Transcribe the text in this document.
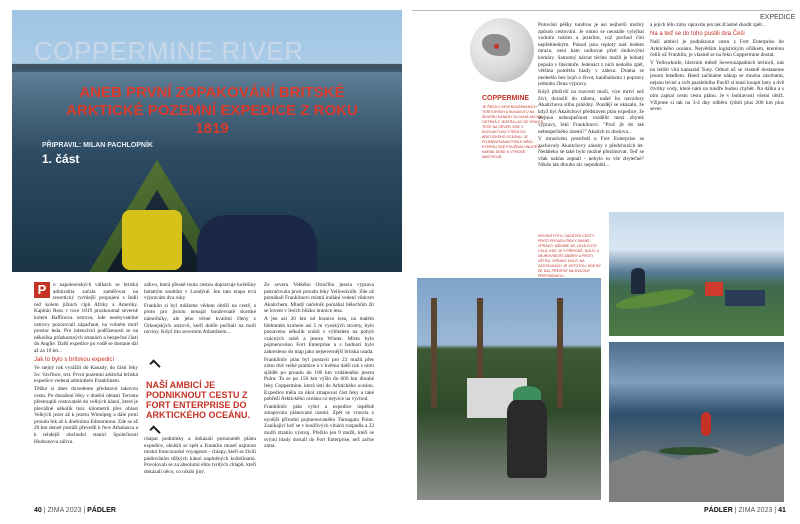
COPPERMINE RIVER
ANEB PRVNÍ ZOPAKOVÁNÍ BRITSKÉ ARKTICKÉ POZEMNÍ EXPEDICE Z ROKU 1819
PŘIPRAVIL: MILAN PACHLOPNÍK
1. část

P	o napoleonských válkách se britská admiralita začala zaměřovat na teoretický rychlejší propojení s Indií než kolem jižních cípů Afriky a Ameriky. Kapitán Ross v roce 1819 prozkoumal severně kolem Baffinova ostrova, kde neobyvatelné ostrovy pozorovali zápaďané, na volném moři prostor leda. Pro intenzivní podřízenosti se na několika průzkumných stranách a bezpečné části do Anglie. Další expedice po vodě se dostane dál až za 10 let...

Jak to bylo s britskou expedicí

Ve stejný rok vyrážili do Kanady, do části řeky Sv. Vavřince, trst. První pozemní arktická britská expedice vedená admirálem Franklinem.

Těžko si dnes dovedeme představit takovou cestu. Po dosažení řeky v dnešní oblasti Toronta přestoupili cestovatelé do velkých kánoí, které je převážně několik tisíc kilometrů přes oblast Velkých jezer až k jezeru Winnipeg a dále proti proudu řek až k dnešnímu Edmontonu. Zde se až 20 km denně portáží převedli k řece Athabasca a k tehdejší obchodní stanici Společnosti Hudsonova zálivu.

zálivu, která přesně touto cestou dopravuje kožešiny bohatým snobům v Londýně. Jen tato etapa trvá výpravám dva roky.

Franklin si byl můžeme vědom obtíží na cestě, a proto pro jistotu nenajal houževnaté skotské námořníky, ale jeho věrné kvalitní členy z Orknejských ostrovů, kteří dobře počítali na moři noviny. Když tito severním Atlantikem...

NAŠÍ AMBICÍ JE PODNIKNOUT CESTU Z FORT ENTERPRISE DO ARKTICKÉHO OCEÁNU.

chápat podmínky a dokázali porozumět plánu expedice, obrátili se zpět a Franklin musel najmout místní francouzské voyageurs - chlapy, kteří se živili pádlováním těžkých kánoí naplněných kožešinami. Povolovali se za absolutní elitu tvrdých chlapů, kteří dokázali něco, co nikdo jiný.

Ze severu Velkého Otročího jezera vyprava pokračovala proti proudu řeky Yellowknife. Zde už pomáhali Franklinovi místní indiáni vedení vůdcem Akaitchem. Mladý náčelník pomáhal bělochům žít se lovem v lesích blízko hranice lesa.

A jen asi 20 km od hranice lesa, na malém břehnném kruhem asi 5 m vysokých stromy, bylo postaveno několik srubů s výhledem na pohyb vzácných sobů a jezera Winter. Místo bylo pojmenováno Fort Enterprise a s hodnotí bylo zakresleno do map jako nejsevernější britská osada.

Franklinův plán byl postavit pro 22 mužů přes zimu dvě velké pramice a v květnu další rok s nimi sjíždět po proudu do 100 km vzdáleného jezera Point. To se po 150 km výšlo do 600 km dlouhé řeky Coppermine, která ústí do Arktického oceánu. Expedice měla za úkol zmapovat část řeky a také pobřeží Arktického oceánu co nejvíce na východ.

Franklinův plán vyšel a expedice úspěšně zmapovala plánované území. Zpět se vracela z nynější přírodní pojmenovaného Turnagain Point. Zanikající loď se v bouřlivých vlnách rozpadla a 22 mužů ztratilo výstroj. Přežilo jen 9 mužů, kteří se svými hlady dostali do Fort Enterprise, než začne zima.

40 | ZIMA 2023 | PÁDLER
EXPEDICE
COPPERMINE
JE ŘEKA V SEVEROZÁPADNÍCH TERITORIÍCH A NUNAVUTU NA SEVERU KANADY DLOUHÁ 845 KM. ODTÉKÁ Z JEZERA LAC DE GRAS A TEČE NA SEVER, KDE V KUGLUKTUKU VTÉKÁ DO ARKTICKÉHO OCEÁNU. JE POJMENOVÁNA PODLE MĚDI, KTEROU ZDE POUŽÍVALI INUITÉ A KMENE DENE K VÝROBĚ NÁSTROJŮ.

Putování pěšky tundrou je asi nejhorší možný způsob cestování. Je nutno se neustále vyhýbat vodním tokům a jezerům, což pochod činí nepřehledným. Pokud jsou teploty nad bodem mrazu, není kam unikovat před únikovými komáry. Samotný návrat těchto mužů je bohatý popsán v literatuře. Jedenáct z nich nedošlo zpět, většina pomřela hlady v zálesu. Drama se neobešlo bez bojů o život, kanibalismu i popravy jednoho člena výpravy.

Když přeživší na rozcestí muži, více mrtví než živí, dorazili do tábora, našel ho navzdory Akaitchova slibu prázdný. Později se ukázalo, že když byl Akaitchovi představen plán expedice, že stejnou nebezpečnost rozdělit mezi zbytek výpravy, řekl Franklinovi: "Proč jít do tak nebezpečného území?" Akaitch to doslova...

V mrazivém prostředí u Fort Enterprise se zachovaly Akaitchovy zásoby z předchozích let. Nedaleko se také bylo možné přezimovat. Teď se však nahlas zeptali - nebylo to vše zbytečné? Nikdo tak dlouho nic nepodnikl...

a jejich tělo zimy opravdu jen tak šťastně shodit zpět...

Na a teď se do toho pustili dva Češi

Naší ambicí je podniknout cestu z Fort Enterprise do Arktického oceánu. Největším logistickým oříškem, kterému čelili už Franklin, je vlastně se na řeku Coppermine dostat.

V Yellowknife, hlavním městě Severozápadních teritorií, nás na letišti vítá kamarád Tony. Odtud už se vlastně dostaneme jenom letadlem. Hned začínáme nákup se mnoha zásobami, nejsou levné a svět paralelního Pavlíř si musí koupit boty a dvě čtvrtky vody, které nám na tundře budou chybět. Na dálku a s ním zapsal cestu cestu plánu. Je v bublavosti všemi obtíž. Vžijeme si tak na 3-4 dny odběru týdnů plus 200 km plus sever.

VRCHNÍ FOTO: ZAČÁTEK CESTY PROTI PROUDU ŘEKY SNARE. VPRAVO: MĚNÍME SE, LEVÁ FOTO CELÁ, KDE JE V PŘÍRODĚ. DOLŮ: V NEJROVNĚJŠÍ ZÁBĚRY A PROTI VĚTRU. VPRAVO DOLE: NA ZASTÁVKACH JE JISTOTOU, KDE BY SE DAL PŘESPAT NA DVA DNY PŘIPOMÍNKOU.
PÁDLER | ZIMA 2023 | 41
